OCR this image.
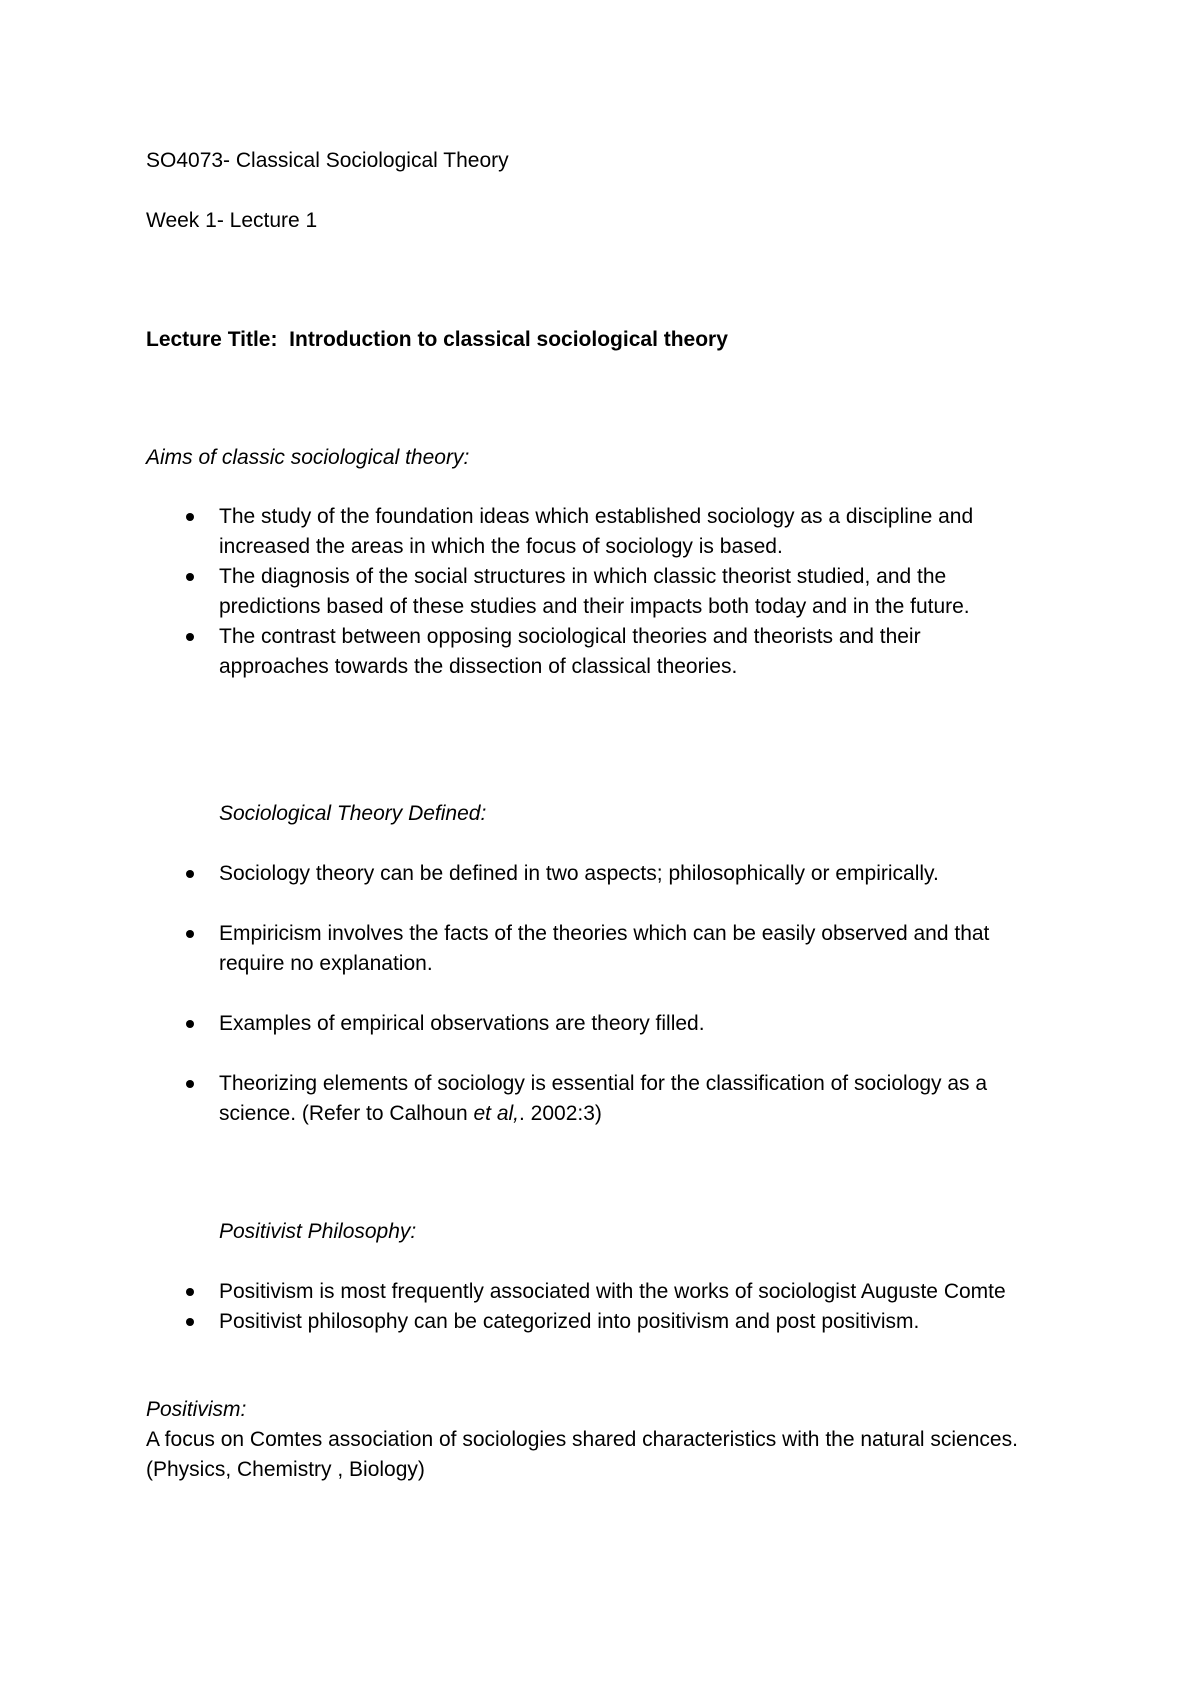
SO4073- Classical Sociological Theory
Week 1- Lecture 1
Lecture Title: Introduction to classical sociological theory
Aims of classic sociological theory:
The study of the foundation ideas which established sociology as a discipline and
increased the areas in which the focus of sociology is based.
The diagnosis of the social structures in which classic theorist studied, and the
predictions based of these studies and their impacts both today and in the future.
The contrast between opposing sociological theories and theorists and their
approaches towards the dissection of classical theories.
Sociological Theory Defined:
Sociology theory can be defined in two aspects; philosophically or empirically.
Empiricism involves the facts of the theories which can be easily observed and that
require no explanation.
Examples of empirical observations are theory filled.
Theorizing elements of sociology is essential for the classification of sociology as a
science. (Refer to Calhoun et al,. 2002:3)
Positivist Philosophy:
Positivism is most frequently associated with the works of sociologist Auguste Comte
Positivist philosophy can be categorized into positivism and post positivism.
Positivism:
A focus on Comtes association of sociologies shared characteristics with the natural sciences.
(Physics, Chemistry , Biology)
